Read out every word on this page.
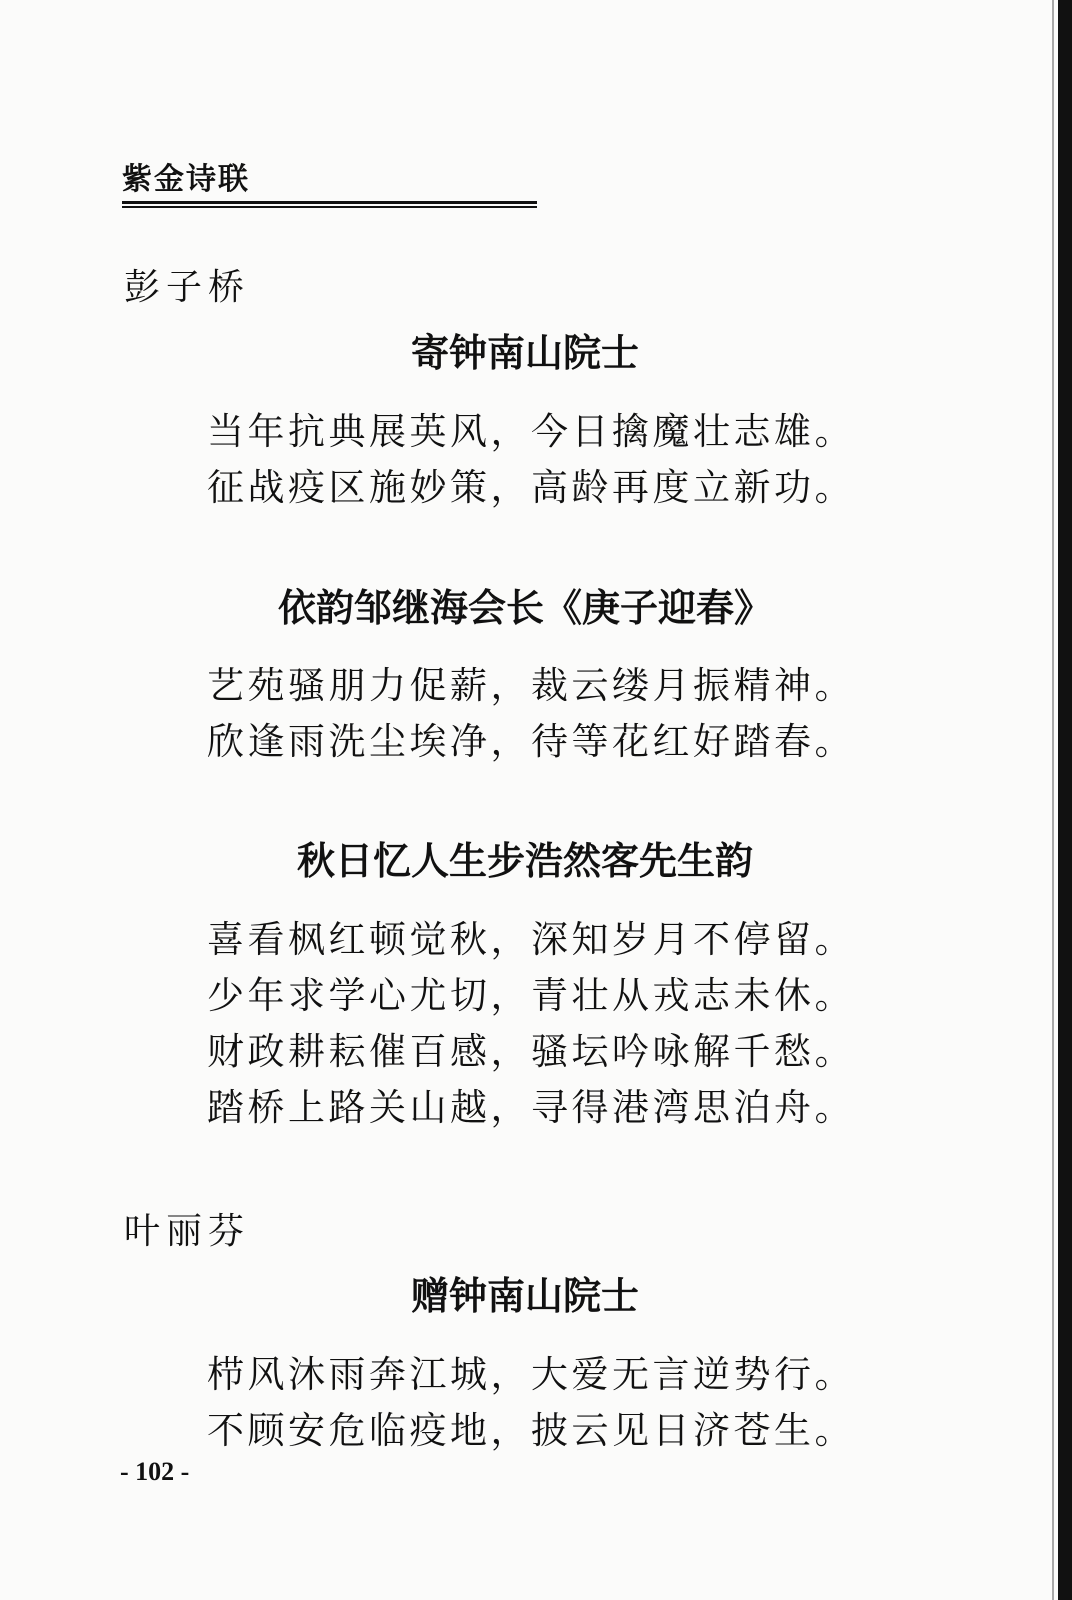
紫金诗联
彭子桥
寄钟南山院士
当年抗典展英风，今日擒魔壮志雄。
征战疫区施妙策，高龄再度立新功。
依韵邹继海会长《庚子迎春》
艺苑骚朋力促薪，裁云缕月振精神。
欣逢雨洗尘埃净，待等花红好踏春。
秋日忆人生步浩然客先生韵
喜看枫红顿觉秋，深知岁月不停留。
少年求学心尤切，青壮从戎志未休。
财政耕耘催百感，骚坛吟咏解千愁。
踏桥上路关山越，寻得港湾思泊舟。
叶丽芬
赠钟南山院士
栉风沐雨奔江城，大爱无言逆势行。
不顾安危临疫地，披云见日济苍生。
- 102 -
